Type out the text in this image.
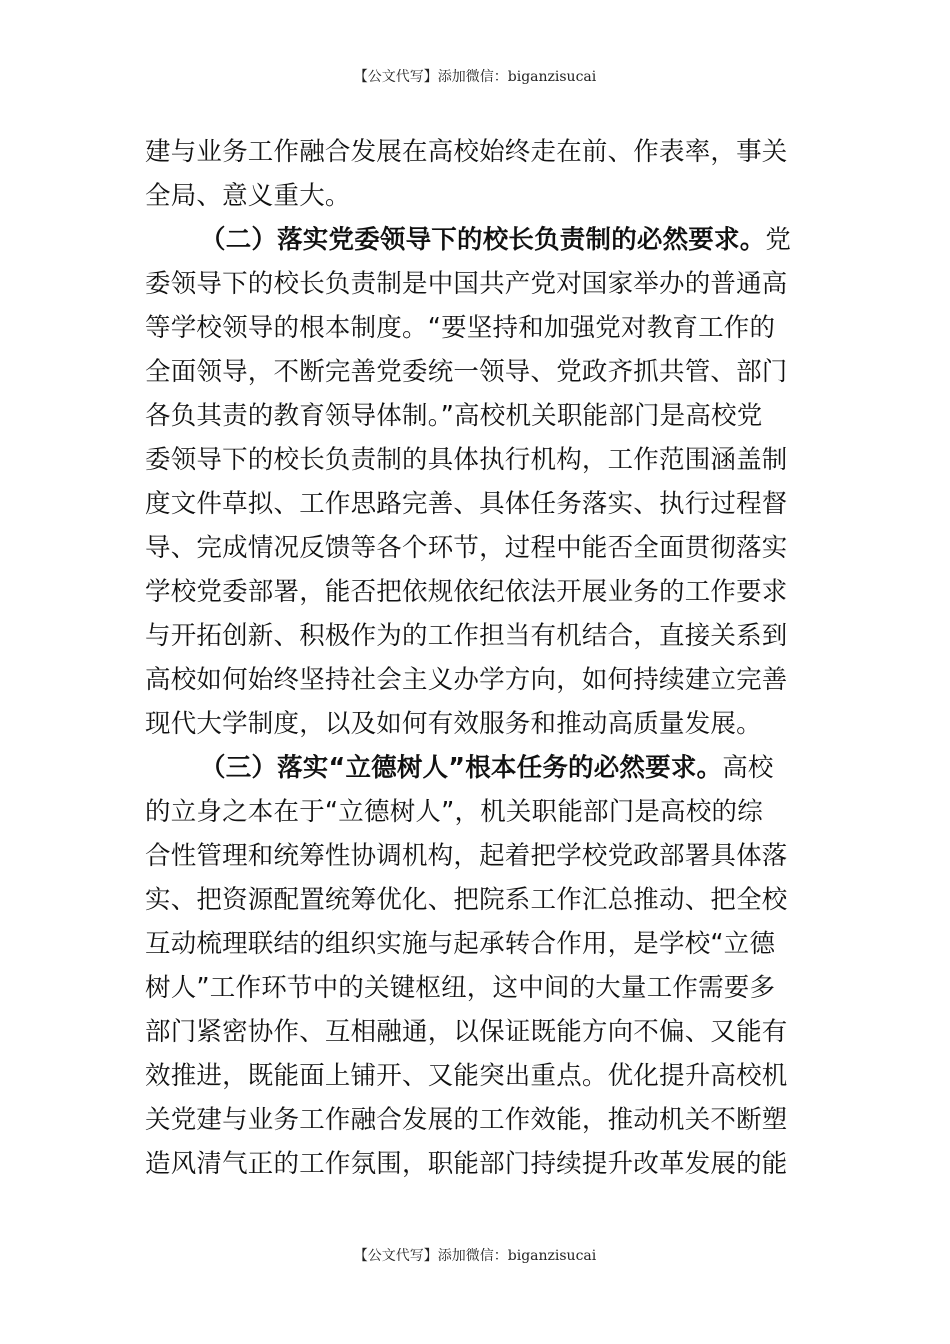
【公文代写】添加微信：biganzisucai
建与业务工作融合发展在高校始终走在前、作表率，事关
全局、意义重大。
（二）落实党委领导下的校长负责制的必然要求。党
委领导下的校长负责制是中国共产党对国家举办的普通高
等学校领导的根本制度。“要坚持和加强党对教育工作的
全面领导，不断完善党委统一领导、党政齐抓共管、部门
各负其责的教育领导体制。”高校机关职能部门是高校党
委领导下的校长负责制的具体执行机构，工作范围涵盖制
度文件草拟、工作思路完善、具体任务落实、执行过程督
导、完成情况反馈等各个环节，过程中能否全面贯彻落实
学校党委部署，能否把依规依纪依法开展业务的工作要求
与开拓创新、积极作为的工作担当有机结合，直接关系到
高校如何始终坚持社会主义办学方向，如何持续建立完善
现代大学制度，以及如何有效服务和推动高质量发展。
（三）落实“立德树人”根本任务的必然要求。高校
的立身之本在于“立德树人”，机关职能部门是高校的综
合性管理和统筹性协调机构，起着把学校党政部署具体落
实、把资源配置统筹优化、把院系工作汇总推动、把全校
互动梳理联结的组织实施与起承转合作用，是学校“立德
树人”工作环节中的关键枢纽，这中间的大量工作需要多
部门紧密协作、互相融通，以保证既能方向不偏、又能有
效推进，既能面上铺开、又能突出重点。优化提升高校机
关党建与业务工作融合发展的工作效能，推动机关不断塑
造风清气正的工作氛围，职能部门持续提升改革发展的能
【公文代写】添加微信：biganzisucai
